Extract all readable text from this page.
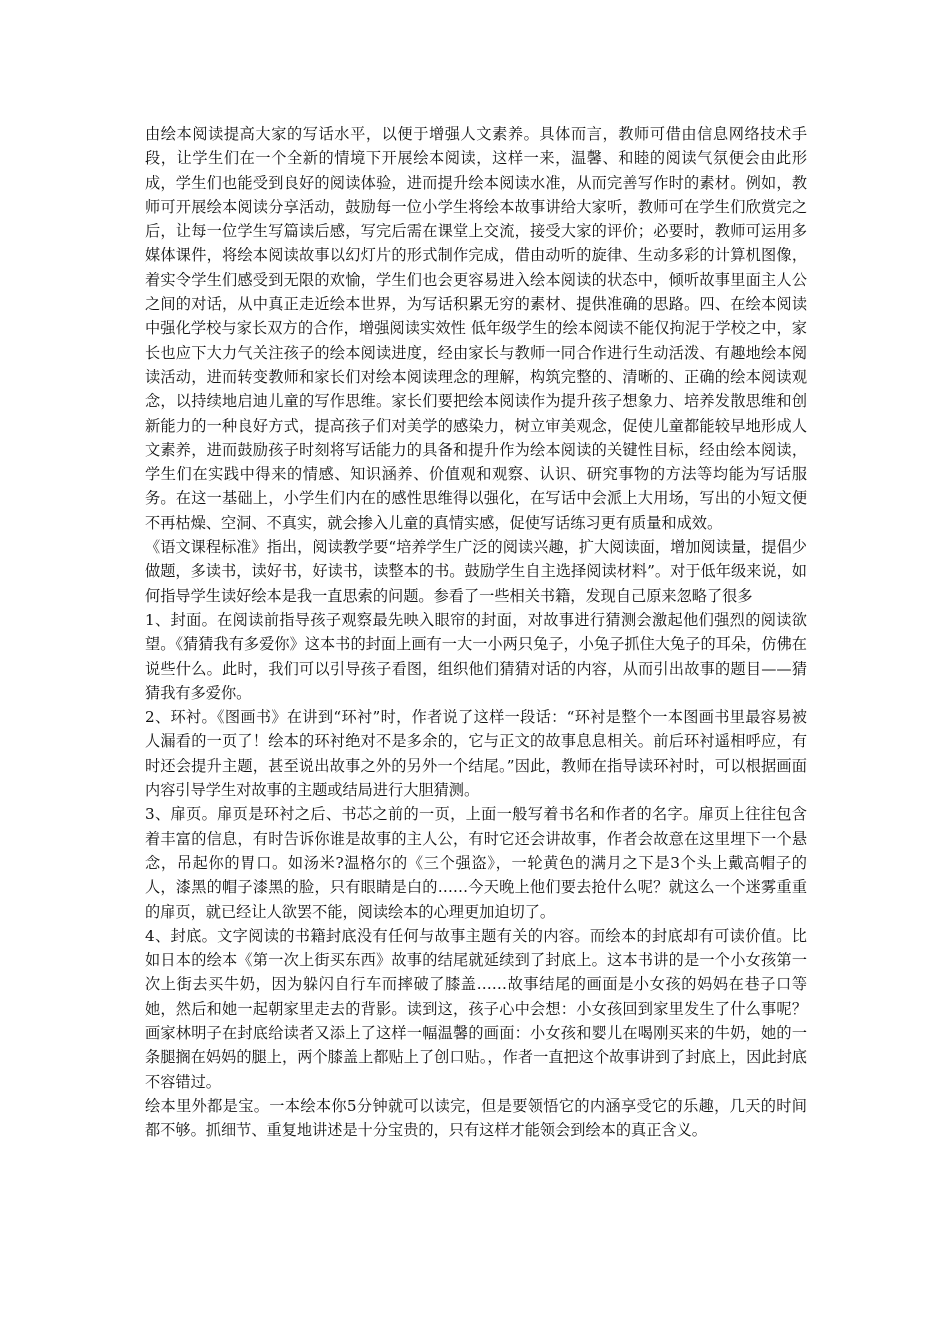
由绘本阅读提高大家的写话水平，以便于增强人文素养。具体而言，教师可借由信息网络技术手段，让学生们在一个全新的情境下开展绘本阅读，这样一来，温馨、和睦的阅读气氛便会由此形成，学生们也能受到良好的阅读体验，进而提升绘本阅读水准，从而完善写作时的素材。例如，教师可开展绘本阅读分享活动，鼓励每一位小学生将绘本故事讲给大家听，教师可在学生们欣赏完之后，让每一位学生写篇读后感，写完后需在课堂上交流，接受大家的评价；必要时，教师可运用多媒体课件，将绘本阅读故事以幻灯片的形式制作完成，借由动听的旋律、生动多彩的计算机图像，着实令学生们感受到无限的欢愉，学生们也会更容易进入绘本阅读的状态中，倾听故事里面主人公之间的对话，从中真正走近绘本世界，为写话积累无穷的素材、提供准确的思路。四、在绘本阅读中强化学校与家长双方的合作，增强阅读实效性 低年级学生的绘本阅读不能仅拘泥于学校之中，家长也应下大力气关注孩子的绘本阅读进度，经由家长与教师一同合作进行生动活泼、有趣地绘本阅读活动，进而转变教师和家长们对绘本阅读理念的理解，构筑完整的、清晰的、正确的绘本阅读观念，以持续地启迪儿童的写作思维。家长们要把绘本阅读作为提升孩子想象力、培养发散思维和创新能力的一种良好方式，提高孩子们对美学的感染力，树立审美观念，促使儿童都能较早地形成人文素养，进而鼓励孩子时刻将写话能力的具备和提升作为绘本阅读的关键性目标，经由绘本阅读，学生们在实践中得来的情感、知识涵养、价值观和观察、认识、研究事物的方法等均能为写话服务。在这一基础上，小学生们内在的感性思维得以强化，在写话中会派上大用场，写出的小短文便不再枯燥、空洞、不真实，就会掺入儿童的真情实感，促使写话练习更有质量和成效。

《语文课程标准》指出，阅读教学要“培养学生广泛的阅读兴趣，扩大阅读面，增加阅读量，提倡少做题，多读书，读好书，好读书，读整本的书。鼓励学生自主选择阅读材料”。对于低年级来说，如何指导学生读好绘本是我一直思索的问题。参看了一些相关书籍，发现自己原来忽略了很多

1、封面。在阅读前指导孩子观察最先映入眼帘的封面，对故事进行猜测会激起他们强烈的阅读欲望。《猜猜我有多爱你》这本书的封面上画有一大一小两只兔子，小兔子抓住大兔子的耳朵，仿佛在说些什么。此时，我们可以引导孩子看图，组织他们猜猜对话的内容，从而引出故事的题目——猜猜我有多爱你。

2、环衬。《图画书》在讲到“环衬”时，作者说了这样一段话：“环衬是整个一本图画书里最容易被人漏看的一页了！绘本的环衬绝对不是多余的，它与正文的故事息息相关。前后环衬遥相呼应，有时还会提升主题，甚至说出故事之外的另外一个结尾。”因此，教师在指导读环衬时，可以根据画面内容引导学生对故事的主题或结局进行大胆猜测。

3、扉页。扉页是环衬之后、书芯之前的一页，上面一般写着书名和作者的名字。扉页上往往包含着丰富的信息，有时告诉你谁是故事的主人公，有时它还会讲故事，作者会故意在这里埋下一个悬念，吊起你的胃口。如汤米?温格尔的《三个强盗》，一轮黄色的满月之下是3个头上戴高帽子的人，漆黑的帽子漆黑的脸，只有眼睛是白的……今天晚上他们要去抢什么呢？就这么一个迷雾重重的扉页，就已经让人欲罢不能，阅读绘本的心理更加迫切了。

4、封底。文字阅读的书籍封底没有任何与故事主题有关的内容。而绘本的封底却有可读价值。比如日本的绘本《第一次上街买东西》故事的结尾就延续到了封底上。这本书讲的是一个小女孩第一次上街去买牛奶，因为躲闪自行车而摔破了膝盖……故事结尾的画面是小女孩的妈妈在巷子口等她，然后和她一起朝家里走去的背影。读到这，孩子心中会想：小女孩回到家里发生了什么事呢？画家林明子在封底给读者又添上了这样一幅温馨的画面：小女孩和婴儿在喝刚买来的牛奶，她的一条腿搁在妈妈的腿上，两个膝盖上都贴上了创口贴。，作者一直把这个故事讲到了封底上，因此封底不容错过。

绘本里外都是宝。一本绘本你5分钟就可以读完，但是要领悟它的内涵享受它的乐趣，几天的时间都不够。抓细节、重复地讲述是十分宝贵的，只有这样才能领会到绘本的真正含义。
